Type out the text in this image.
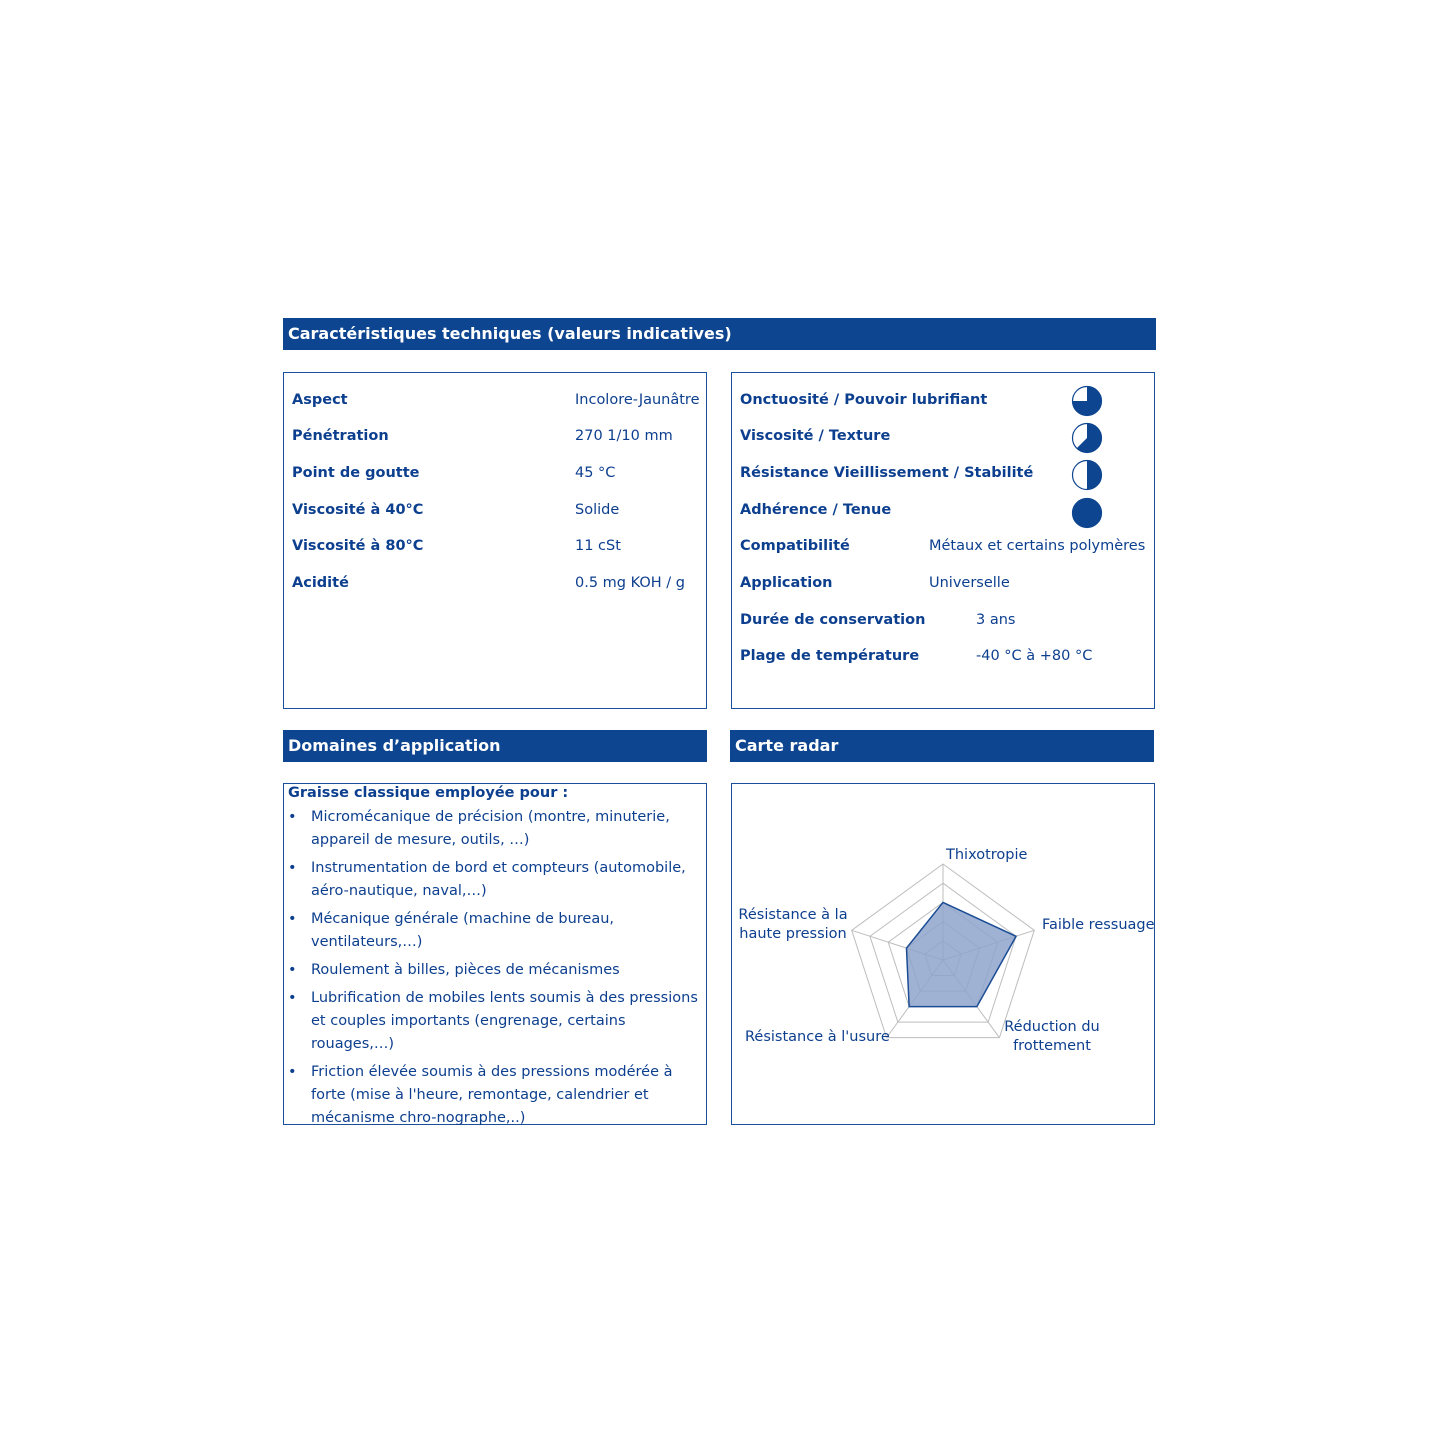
Caractéristiques techniques (valeurs indicatives)
Aspect	Incolore-Jaunâtre
Pénétration	270 1/10 mm
Point de goutte	45 °C
Viscosité à 40°C	Solide
Viscosité à 80°C	11 cSt
Acidité	0.5 mg KOH / g
Onctuosité / Pouvoir lubrifiant
Viscosité / Texture
Résistance Vieillissement / Stabilité
Adhérence / Tenue
Compatibilité	Métaux et certains polymères
Application	Universelle
Durée de conservation	3 ans
Plage de température	-40 °C à +80 °C
Domaines d’application
Graisse classique employée pour :
• Micromécanique de précision (montre, minuterie, appareil de mesure, outils, …)
• Instrumentation de bord et compteurs (automobile, aéro-nautique, naval,…)
• Mécanique générale (machine de bureau, ventilateurs,…)
• Roulement à billes, pièces de mécanismes
• Lubrification de mobiles lents soumis à des pressions et couples importants (engrenage, certains rouages,…)
• Friction élevée soumis à des pressions modérée à forte (mise à l'heure, remontage, calendrier et mécanisme chro-nographe,..)
Carte radar
Thixotropie
Faible ressuage
Réduction du frottement
Résistance à l'usure
Résistance à la haute pression
